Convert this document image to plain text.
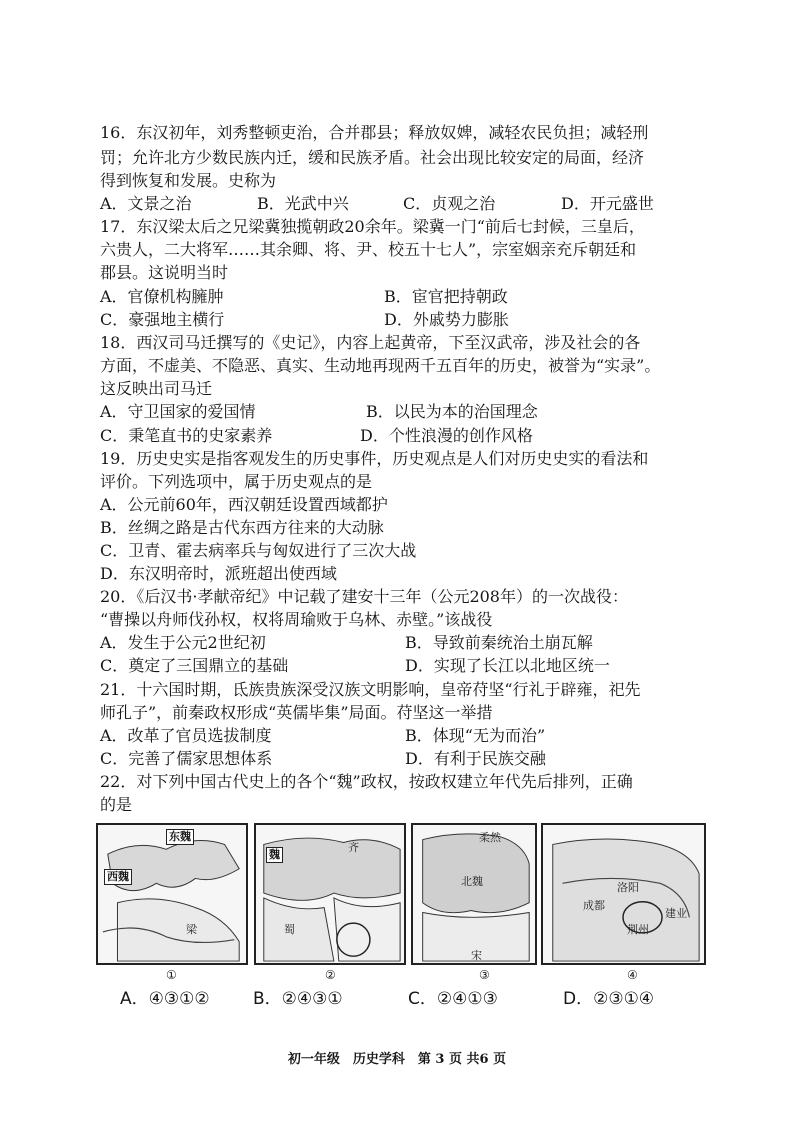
16．东汉初年，刘秀整顿吏治，合并郡县；释放奴婢，减轻农民负担；减轻刑
罚；允许北方少数民族内迁，缓和民族矛盾。社会出现比较安定的局面，经济
得到恢复和发展。史称为
A．文景之治	B．光武中兴	C．贞观之治	D．开元盛世
17．东汉梁太后之兄梁冀独揽朝政20余年。梁冀一门“前后七封候，三皇后，
六贵人，二大将军……其余卿、将、尹、校五十七人”，宗室姻亲充斥朝廷和
郡县。这说明当时
A．官僚机构臃肿	B．宦官把持朝政
C．豪强地主横行	D．外戚势力膨胀
18．西汉司马迁撰写的《史记》，内容上起黄帝，下至汉武帝，涉及社会的各
方面，不虚美、不隐恶、真实、生动地再现两千五百年的历史，被誉为“实录”。
这反映出司马迁
A．守卫国家的爱国情	B．以民为本的治国理念
C．秉笔直书的史家素养	D．个性浪漫的创作风格
19．历史史实是指客观发生的历史事件，历史观点是人们对历史史实的看法和
评价。下列选项中，属于历史观点的是
A．公元前60年，西汉朝廷设置西域都护
B．丝绸之路是古代东西方往来的大动脉
C．卫青、霍去病率兵与匈奴进行了三次大战
D．东汉明帝时，派班超出使西域
20．《后汉书·孝献帝纪》中记载了建安十三年（公元208年）的一次战役：
“曹操以舟师伐孙权，权将周瑜败于乌林、赤壁。”该战役
A．发生于公元2世纪初	B．导致前秦统治土崩瓦解
C．奠定了三国鼎立的基础	D．实现了长江以北地区统一
21．十六国时期，氐族贵族深受汉族文明影响，皇帝苻坚“行礼于辟雍，祀先
师孔子”，前秦政权形成“英儒毕集”局面。苻坚这一举措
A．改革了官员选拔制度	B．体现“无为而治”
C．完善了儒家思想体系	D．有利于民族交融
22．对下列中国古代史上的各个“魏”政权，按政权建立年代先后排列，正确
的是
东魏
西魏
梁
魏
齐
蜀
北魏
柔然
宋
成都
洛阳
建业
荆州
①	②	③	④
A．④③①②	B．②④③①	C．②④①③	D．②③①④
初一年级　历史学科　第 3 页 共6 页
